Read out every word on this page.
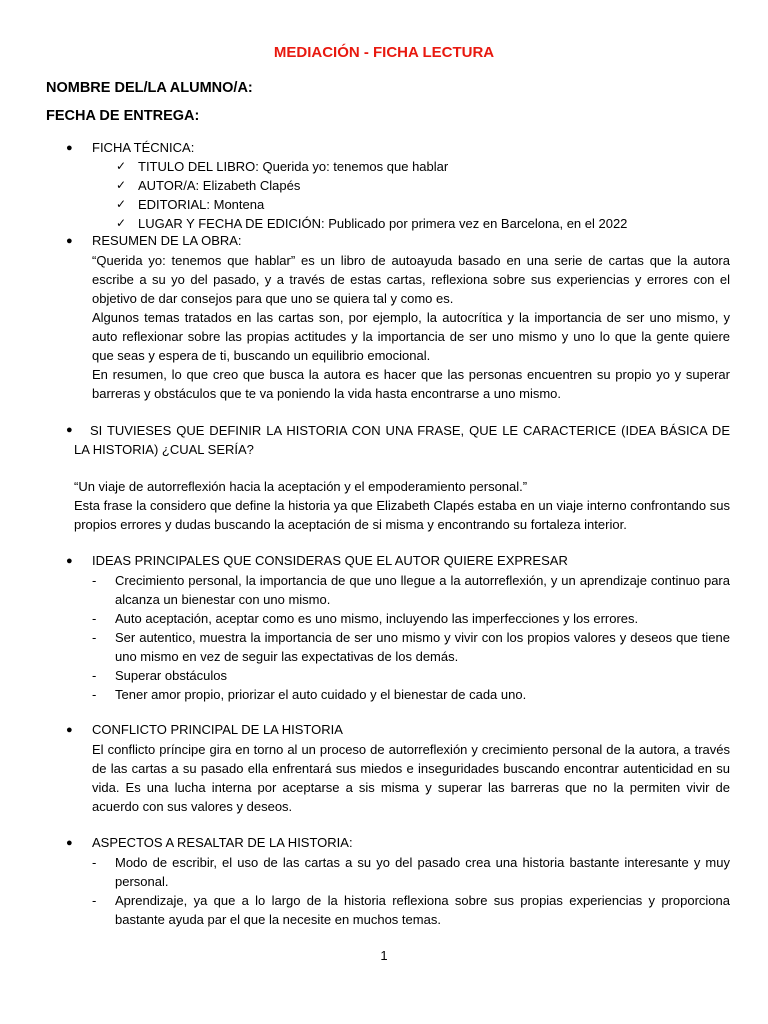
MEDIACIÓN - FICHA LECTURA
NOMBRE DEL/LA ALUMNO/A:
FECHA DE ENTREGA:
● FICHA TÉCNICA:
✓ TITULO DEL LIBRO: Querida yo: tenemos que hablar
✓ AUTOR/A: Elizabeth Clapés
✓ EDITORIAL: Montena
✓ LUGAR Y FECHA DE EDICIÓN: Publicado por primera vez en Barcelona, en el 2022
● RESUMEN DE LA OBRA:
“Querida yo: tenemos que hablar” es un libro de autoayuda basado en una serie de cartas que la autora escribe a su yo del pasado, y a través de estas cartas, reflexiona sobre sus experiencias y errores con el objetivo de dar consejos para que uno se quiera tal y como es.
Algunos temas tratados en las cartas son, por ejemplo, la autocrítica y la importancia de ser uno mismo, y auto reflexionar sobre las propias actitudes y la importancia de ser uno mismo y uno lo que la gente quiere que seas y espera de ti, buscando un equilibrio emocional.
En resumen, lo que creo que busca la autora es hacer que las personas encuentren su propio yo y superar barreras y obstáculos que te va poniendo la vida hasta encontrarse a uno mismo.
●	SI TUVIESES QUE DEFINIR LA HISTORIA CON UNA FRASE, QUE LE CARACTERICE (IDEA BÁSICA DE LA HISTORIA) ¿CUAL SERÍA?
“Un viaje de autorreflexión hacia la aceptación y el empoderamiento personal.”
Esta frase la considero que define la historia ya que Elizabeth Clapés estaba en un viaje interno confrontando sus propios errores y dudas buscando la aceptación de si misma y encontrando su fortaleza interior.
● IDEAS PRINCIPALES QUE CONSIDERAS QUE EL AUTOR QUIERE EXPRESAR
- Crecimiento personal, la importancia de que uno llegue a la autorreflexión, y un aprendizaje continuo para alcanza un bienestar con uno mismo.
- Auto aceptación, aceptar como es uno mismo, incluyendo las imperfecciones y los errores.
- Ser autentico, muestra la importancia de ser uno mismo y vivir con los propios valores y deseos que tiene uno mismo en vez de seguir las expectativas de los demás.
- Superar obstáculos
- Tener amor propio, priorizar el auto cuidado y el bienestar de cada uno.
● CONFLICTO PRINCIPAL DE LA HISTORIA
El conflicto príncipe gira en torno al un proceso de autorreflexión y crecimiento personal de la autora, a través de las cartas a su pasado ella enfrentará sus miedos e inseguridades buscando encontrar autenticidad en su vida. Es una lucha interna por aceptarse a sis misma y superar las barreras que no la permiten vivir de acuerdo con sus valores y deseos.
● ASPECTOS A RESALTAR DE LA HISTORIA:
- Modo de escribir, el uso de las cartas a su yo del pasado crea una historia bastante interesante y muy personal.
- Aprendizaje, ya que a lo largo de la historia reflexiona sobre sus propias experiencias y proporciona bastante ayuda par el que la necesite en muchos temas.
1
